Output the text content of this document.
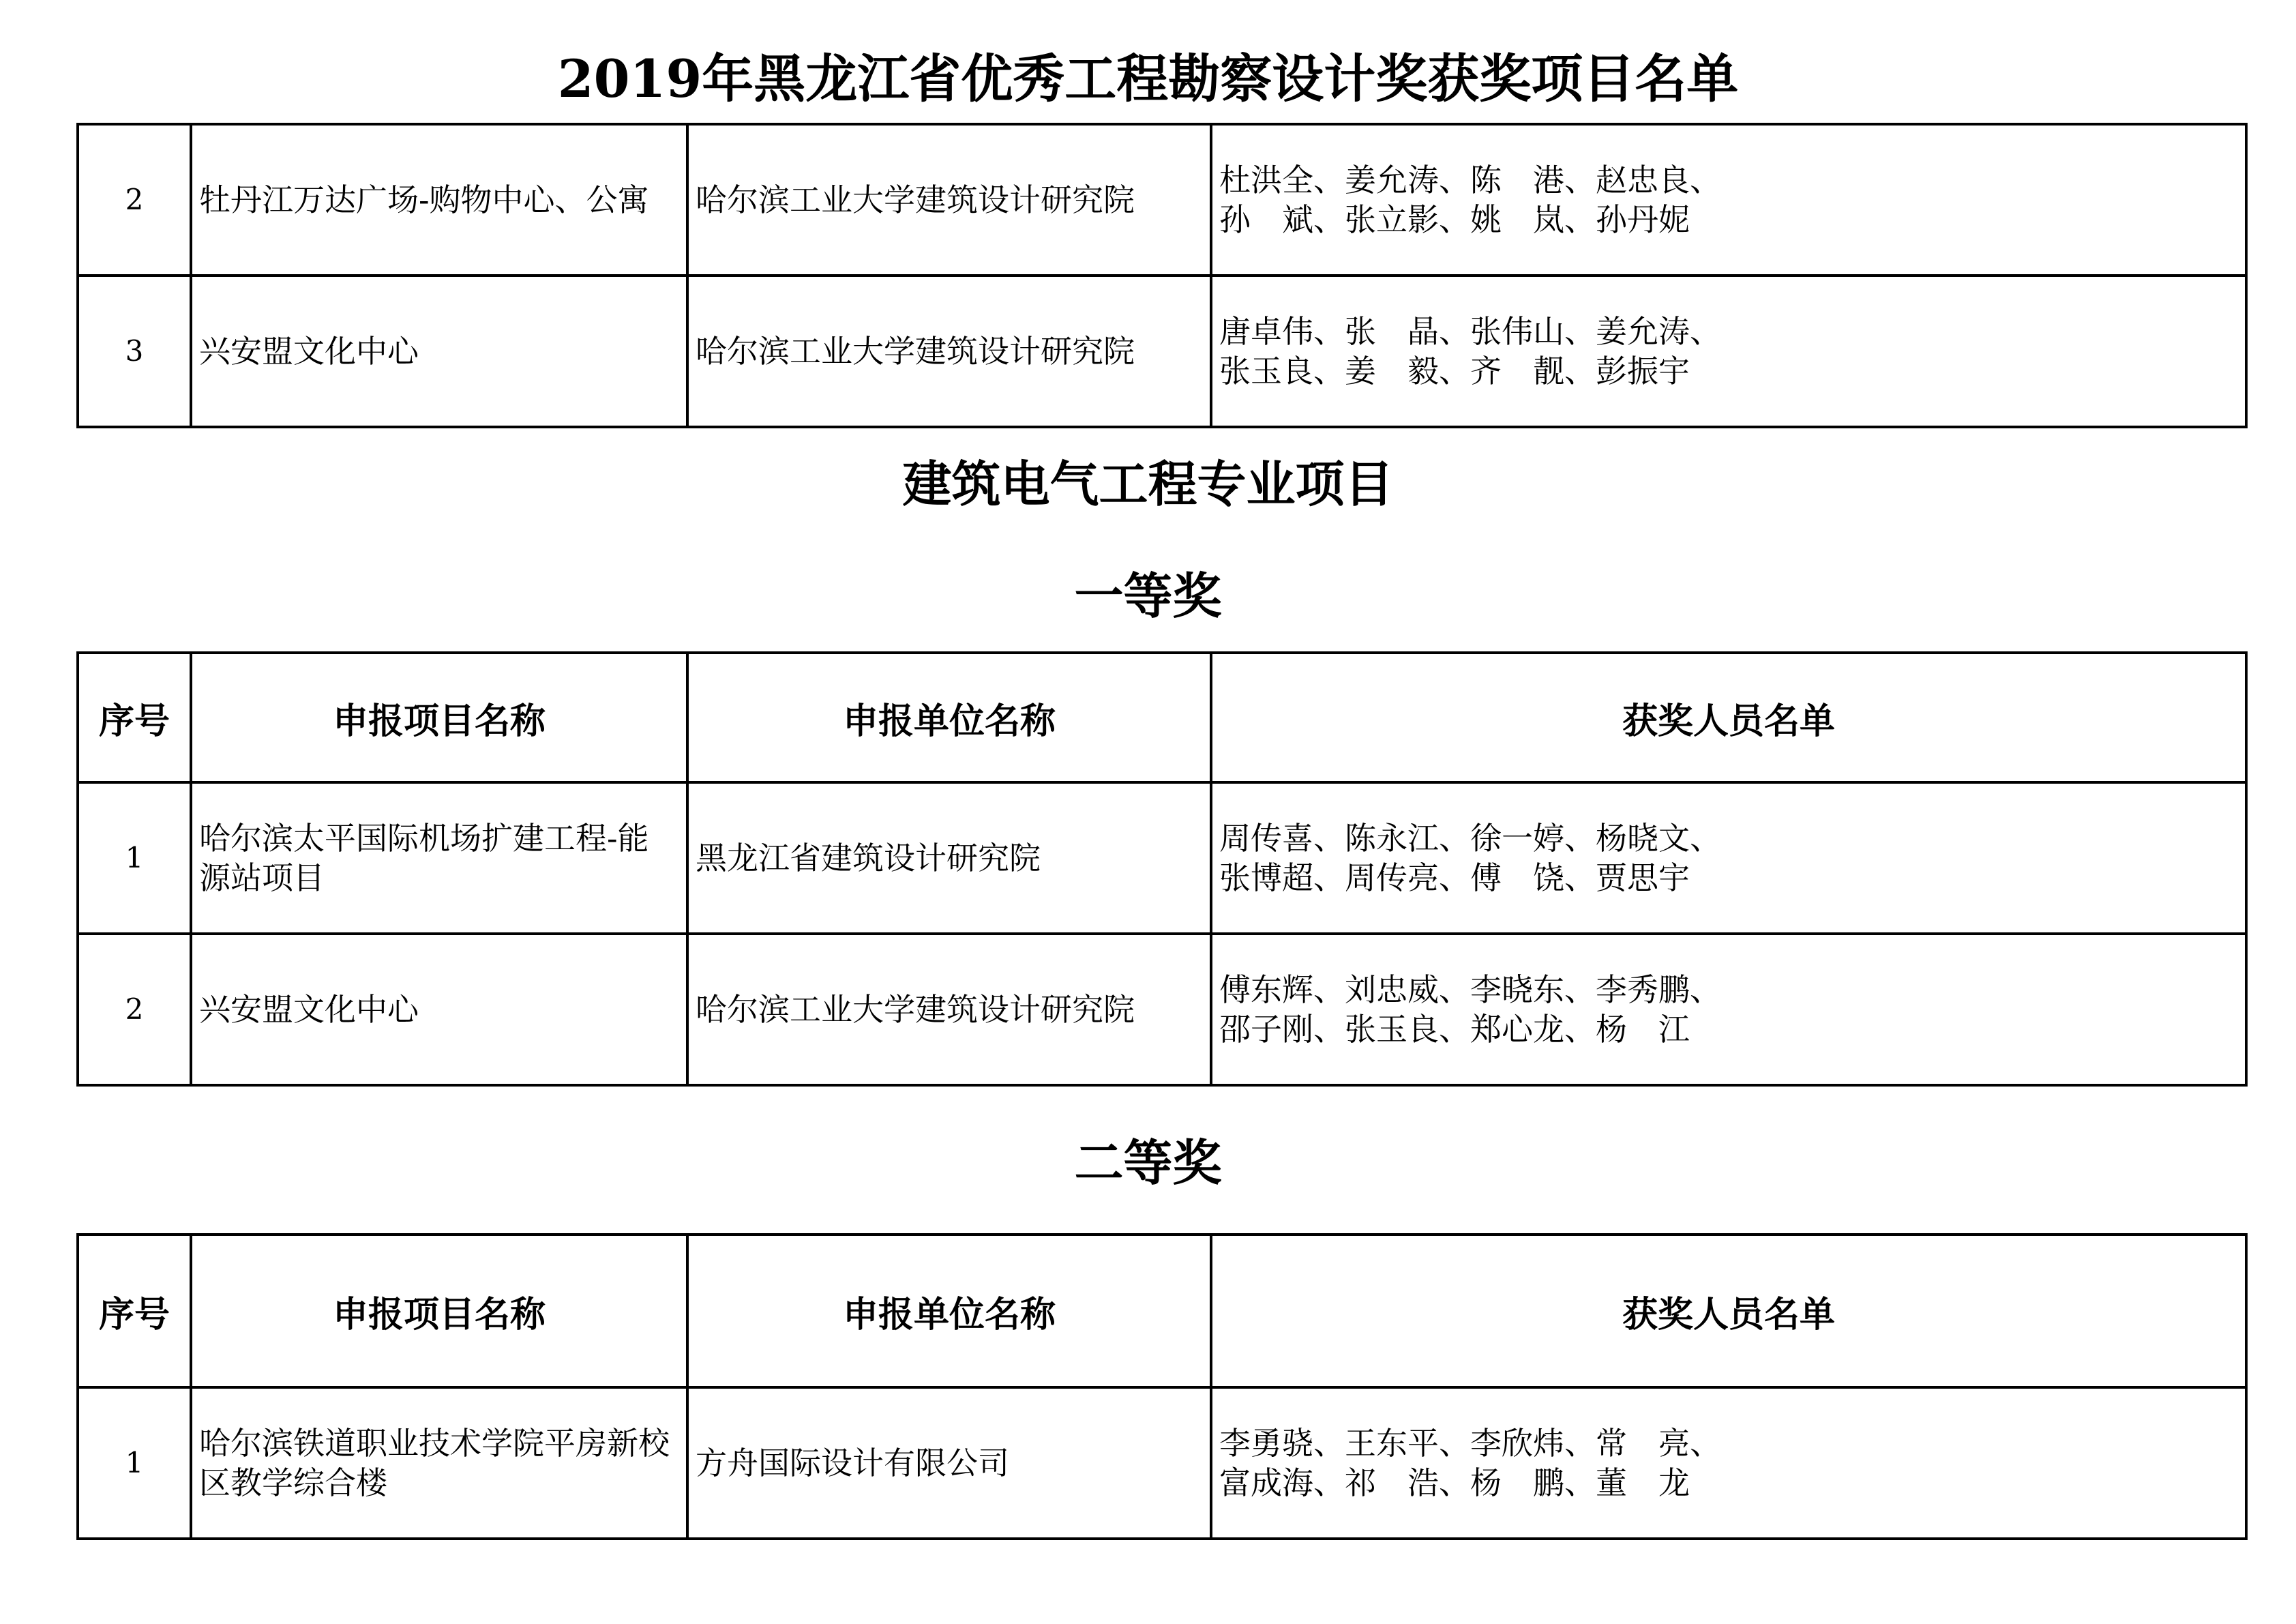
2019年黑龙江省优秀工程勘察设计奖获奖项目名单
2	牡丹江万达广场-购物中心、公寓	哈尔滨工业大学建筑设计研究院	杜洪全、姜允涛、陈　港、赵忠良、
孙　斌、张立影、姚　岚、孙丹妮

3	兴安盟文化中心	哈尔滨工业大学建筑设计研究院	唐卓伟、张　晶、张伟山、姜允涛、
张玉良、姜　毅、齐　靓、彭振宇
建筑电气工程专业项目
一等奖
序号	申报项目名称	申报单位名称	获奖人员名单
1	哈尔滨太平国际机场扩建工程-能源站项目	黑龙江省建筑设计研究院	周传喜、陈永江、徐一婷、杨晓文、
张博超、周传亮、傅　饶、贾思宇

2	兴安盟文化中心	哈尔滨工业大学建筑设计研究院	傅东辉、刘忠威、李晓东、李秀鹏、
邵子刚、张玉良、郑心龙、杨　江
二等奖
序号	申报项目名称	申报单位名称	获奖人员名单
1	哈尔滨铁道职业技术学院平房新校区教学综合楼	方舟国际设计有限公司	李勇骁、王东平、李欣炜、常　亮、
富成海、祁　浩、杨　鹏、董　龙
